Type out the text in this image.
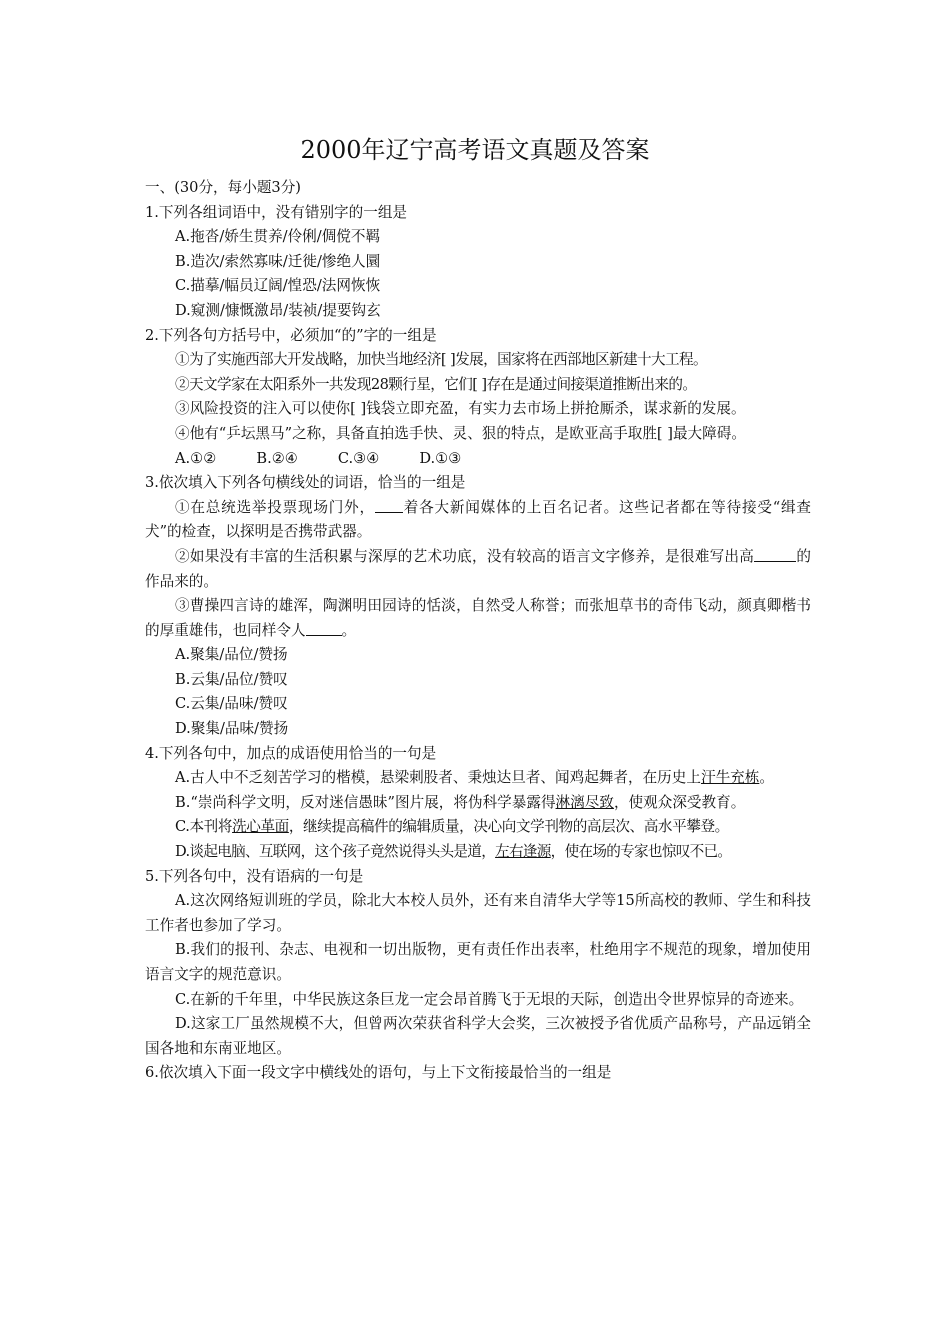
2000年辽宁高考语文真题及答案
一、(30分，每小题3分)
1.下列各组词语中，没有错别字的一组是
A.拖沓/娇生贯养/伶俐/倜傥不羁
B.造次/索然寡味/迁徙/惨绝人圜
C.描摹/幅员辽阔/惶恐/法网恢恢
D.窥测/慷慨激昂/装祯/提要钩玄
2.下列各句方括号中，必须加“的”字的一组是

①为了实施西部大开发战略，加快当地经济[ ]发展，国家将在西部地区新建十大工程。

②天文学家在太阳系外一共发现28颗行星，它们[ ]存在是通过间接渠道推断出来的。

③风险投资的注入可以使你[ ]钱袋立即充盈，有实力去市场上拼抢厮杀，谋求新的发展。

④他有“乒坛黑马”之称，具备直拍选手快、灵、狠的特点，是欧亚高手取胜[ ]最大障碍。

A.①②	B.②④	C.③④	D.①③
3.依次填入下列各句横线处的词语，恰当的一组是

①在总统选举投票现场门外， 着各大新闻媒体的上百名记者。这些记者都在等待接受“缉查犬”的检查，以探明是否携带武器。

②如果没有丰富的生活积累与深厚的艺术功底，没有较高的语言文字修养，是很难写出高	的作品来的。

③曹操四言诗的雄浑，陶渊明田园诗的恬淡，自然受人称誉；而张旭草书的奇伟飞动，颜真卿楷书的厚重雄伟，也同样令人 。

A.聚集/品位/赞扬
B.云集/品位/赞叹
C.云集/品味/赞叹
D.聚集/品味/赞扬
4.下列各句中，加点的成语使用恰当的一句是

A.古人中不乏刻苦学习的楷模，悬梁刺股者、秉烛达旦者、闻鸡起舞者，在历史上汗牛充栋。

B.“崇尚科学文明，反对迷信愚昧”图片展，将伪科学暴露得淋漓尽致，使观众深受教育。

C.本刊将洗心革面，继续提高稿件的编辑质量，决心向文学刊物的高层次、高水平攀登。

D.谈起电脑、互联网，这个孩子竟然说得头头是道，左右逢源，使在场的专家也惊叹不已。

5.下列各句中，没有语病的一句是

A.这次网络短训班的学员，除北大本校人员外，还有来自清华大学等15所高校的教师、学生和科技工作者也参加了学习。

B.我们的报刊、杂志、电视和一切出版物，更有责任作出表率，杜绝用字不规范的现象，增加使用语言文字的规范意识。

C.在新的千年里，中华民族这条巨龙一定会昂首腾飞于无垠的天际，创造出令世界惊异的奇迹来。

D.这家工厂虽然规模不大，但曾两次荣获省科学大会奖，三次被授予省优质产品称号，产品远销全国各地和东南亚地区。

6.依次填入下面一段文字中横线处的语句，与上下文衔接最恰当的一组是
